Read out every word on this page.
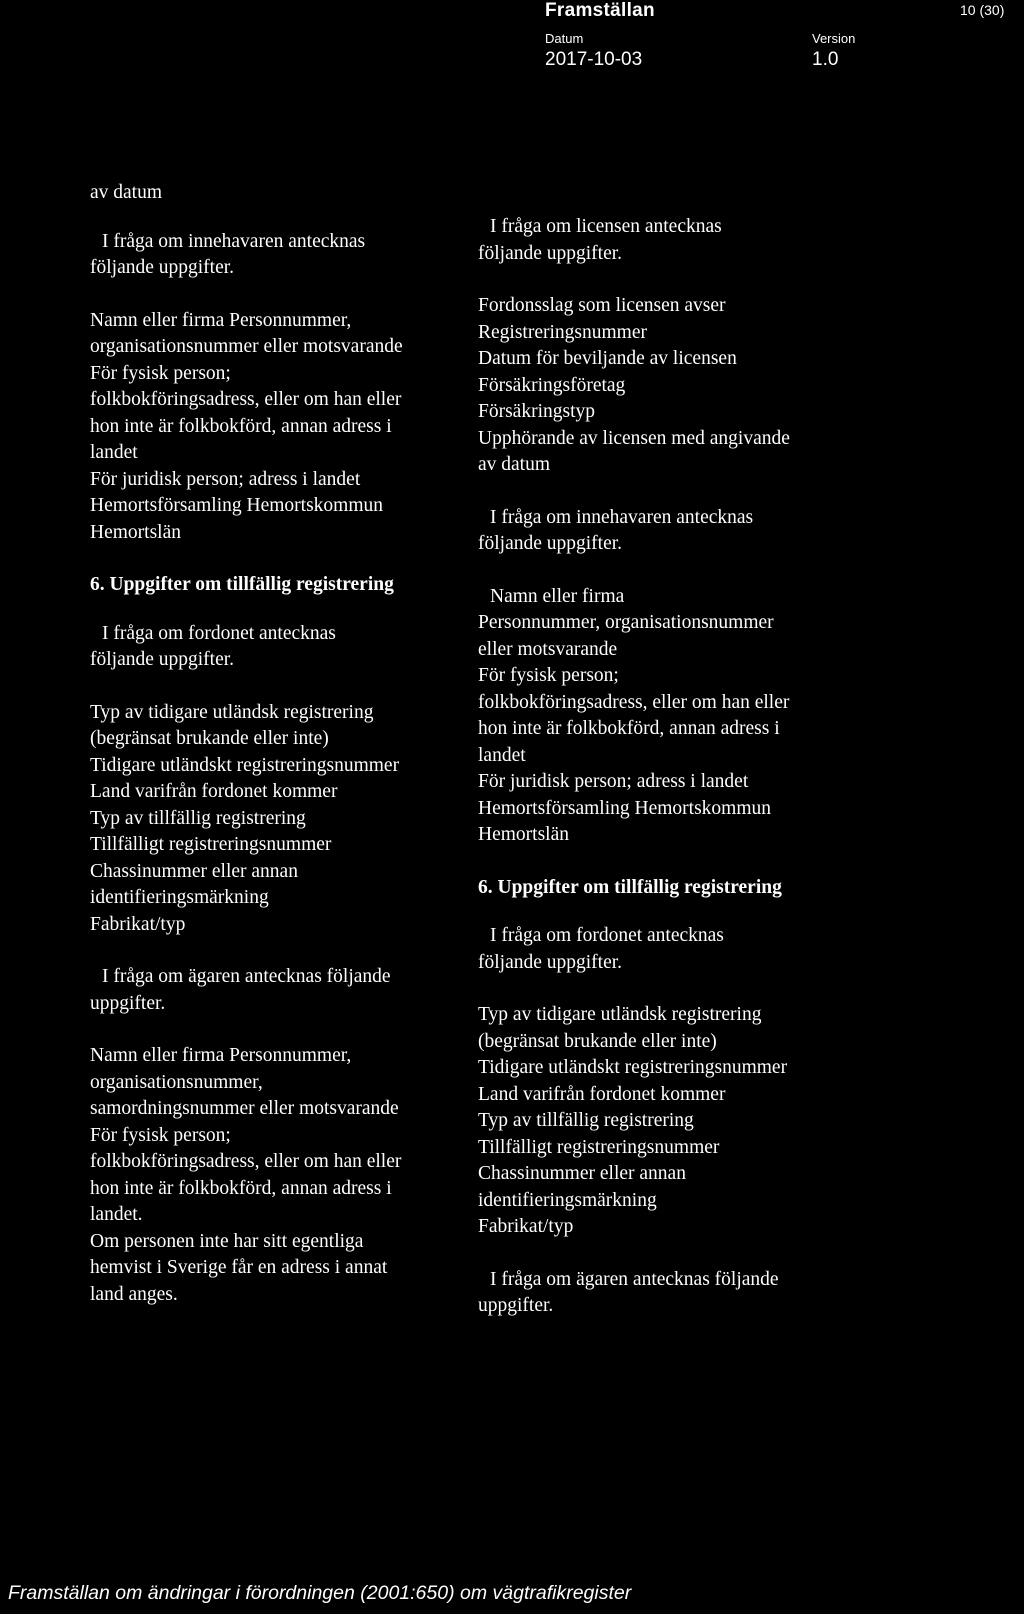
Framställan	10 (30)
Datum
2017-10-03
Version
1.0
av datum
I fråga om innehavaren antecknas
följande uppgifter.
Namn eller firma Personnummer,
organisationsnummer eller motsvarande
För fysisk person;
folkbokföringsadress, eller om han eller
hon inte är folkbokförd, annan adress i
landet
För juridisk person; adress i landet
Hemortsförsamling Hemortskommun
Hemortslän
6. Uppgifter om tillfällig registrering
I fråga om fordonet antecknas
följande uppgifter.
Typ av tidigare utländsk registrering
(begränsat brukande eller inte)
Tidigare utländskt registreringsnummer
Land varifrån fordonet kommer
Typ av tillfällig registrering
Tillfälligt registreringsnummer
Chassinummer eller annan
identifieringsmärkning
Fabrikat/typ
I fråga om ägaren antecknas följande
uppgifter.
Namn eller firma Personnummer,
organisationsnummer,
samordningsnummer eller motsvarande
För fysisk person;
folkbokföringsadress, eller om han eller
hon inte är folkbokförd, annan adress i
landet.
Om personen inte har sitt egentliga
hemvist i Sverige får en adress i annat
land anges.
I fråga om licensen antecknas
följande uppgifter.
Fordonsslag som licensen avser
Registreringsnummer
Datum för beviljande av licensen
Försäkringsföretag
Försäkringstyp
Upphörande av licensen med angivande
av datum
I fråga om innehavaren antecknas
följande uppgifter.
Namn eller firma
Personnummer, organisationsnummer
eller motsvarande
För fysisk person;
folkbokföringsadress, eller om han eller
hon inte är folkbokförd, annan adress i
landet
För juridisk person; adress i landet
Hemortsförsamling Hemortskommun
Hemortslän
6. Uppgifter om tillfällig registrering
I fråga om fordonet antecknas
följande uppgifter.
Typ av tidigare utländsk registrering
(begränsat brukande eller inte)
Tidigare utländskt registreringsnummer
Land varifrån fordonet kommer
Typ av tillfällig registrering
Tillfälligt registreringsnummer
Chassinummer eller annan
identifieringsmärkning
Fabrikat/typ
I fråga om ägaren antecknas följande
uppgifter.
Framställan om ändringar i förordningen (2001:650) om vägtrafikregister
